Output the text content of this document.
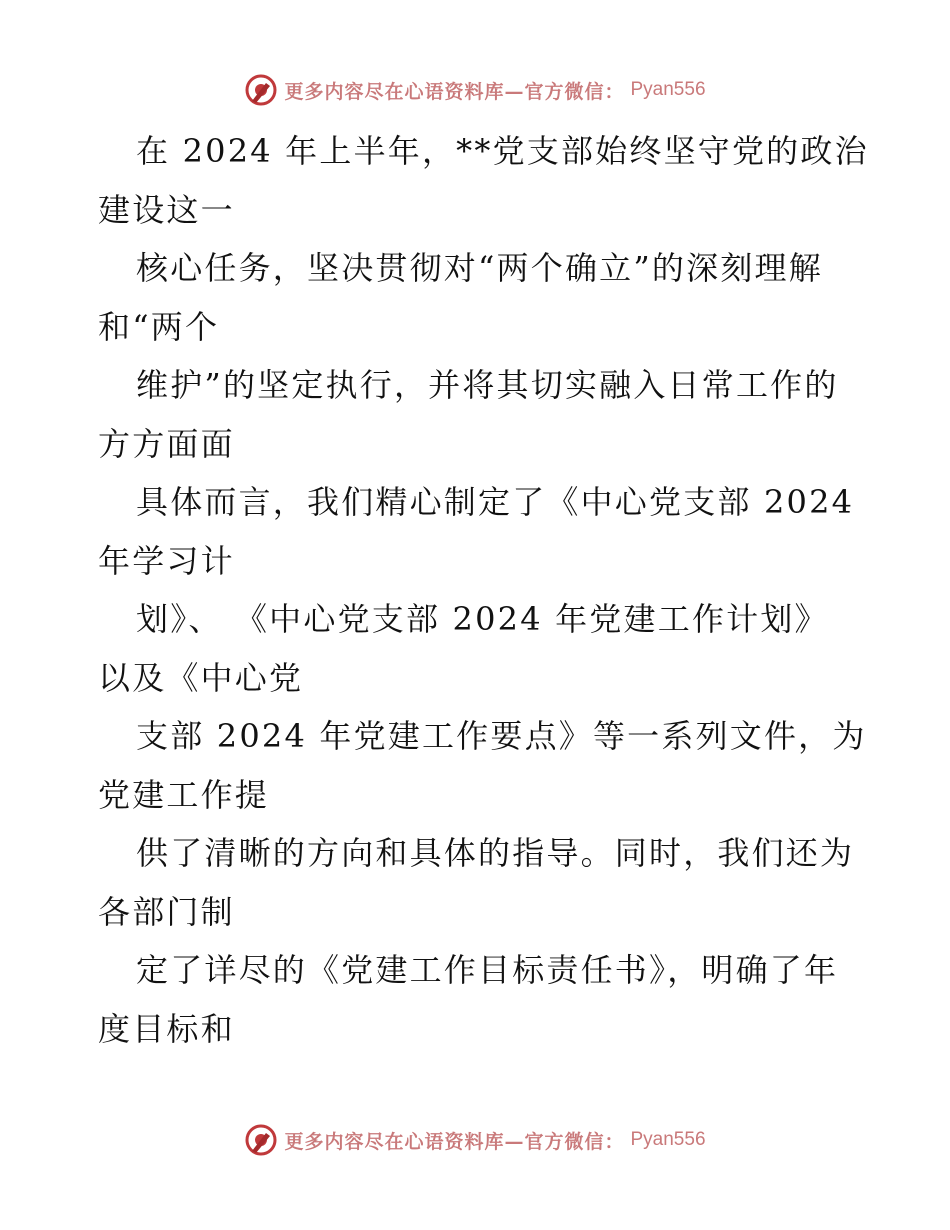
更多内容尽在心语资料库—官方微信： Pyan556
在 2024 年上半年，**党支部始终坚守党的政治
建设这一
核心任务，坚决贯彻对“两个确立”的深刻理解
和“两个
维护”的坚定执行，并将其切实融入日常工作的
方方面面
具体而言，我们精心制定了《中心党支部 2024
年学习计
划》、 《中心党支部 2024 年党建工作计划》
以及《中心党
支部 2024 年党建工作要点》等一系列文件，为
党建工作提
供了清晰的方向和具体的指导。同时，我们还为
各部门制
定了详尽的《党建工作目标责任书》，明确了年
度目标和
更多内容尽在心语资料库—官方微信： Pyan556
